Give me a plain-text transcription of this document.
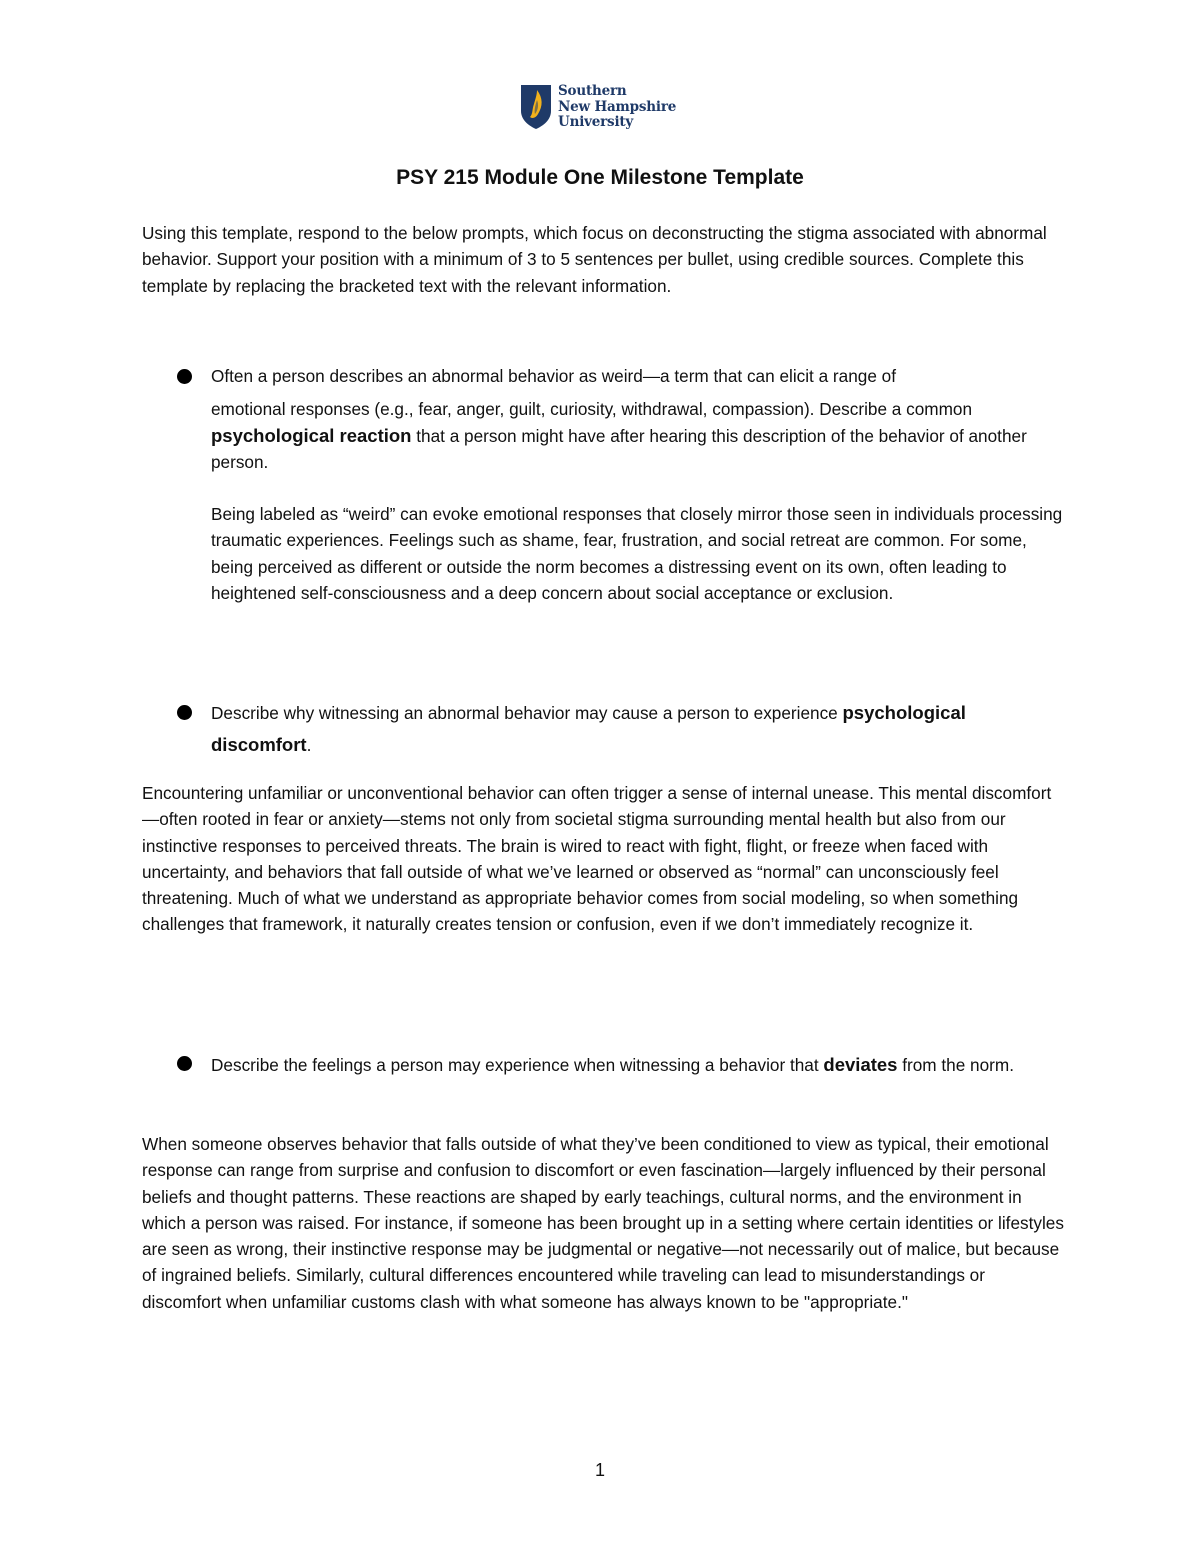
Southern
New Hampshire
University
PSY 215 Module One Milestone Template

Using this template, respond to the below prompts, which focus on deconstructing the stigma associated with abnormal behavior. Support your position with a minimum of 3 to 5 sentences per bullet, using credible sources. Complete this template by replacing the bracketed text with the relevant information.

Often a person describes an abnormal behavior as weird—a term that can elicit a range of
emotional responses (e.g., fear, anger, guilt, curiosity, withdrawal, compassion). Describe a common psychological reaction that a person might have after hearing this description of the behavior of another person.

Being labeled as “weird” can evoke emotional responses that closely mirror those seen in individuals processing traumatic experiences. Feelings such as shame, fear, frustration, and social retreat are common. For some, being perceived as different or outside the norm becomes a distressing event on its own, often leading to heightened self-consciousness and a deep concern about social acceptance or exclusion.

Describe why witnessing an abnormal behavior may cause a person to experience psychological discomfort.

Encountering unfamiliar or unconventional behavior can often trigger a sense of internal unease. This mental discomfort—often rooted in fear or anxiety—stems not only from societal stigma surrounding mental health but also from our instinctive responses to perceived threats. The brain is wired to react with fight, flight, or freeze when faced with uncertainty, and behaviors that fall outside of what we’ve learned or observed as “normal” can unconsciously feel threatening. Much of what we understand as appropriate behavior comes from social modeling, so when something challenges that framework, it naturally creates tension or confusion, even if we don’t immediately recognize it.

Describe the feelings a person may experience when witnessing a behavior that deviates from the norm.

When someone observes behavior that falls outside of what they’ve been conditioned to view as typical, their emotional response can range from surprise and confusion to discomfort or even fascination—largely influenced by their personal beliefs and thought patterns. These reactions are shaped by early teachings, cultural norms, and the environment in which a person was raised. For instance, if someone has been brought up in a setting where certain identities or lifestyles are seen as wrong, their instinctive response may be judgmental or negative—not necessarily out of malice, but because of ingrained beliefs. Similarly, cultural differences encountered while traveling can lead to misunderstandings or discomfort when unfamiliar customs clash with what someone has always known to be "appropriate."

1
